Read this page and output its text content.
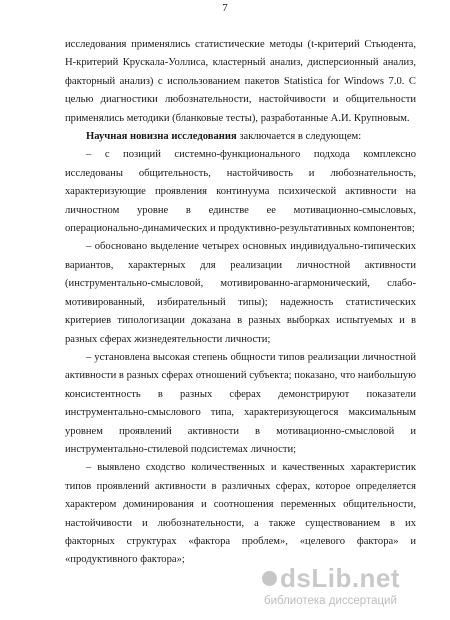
7

исследования применялись статистические методы (t-критерий Стьюдента, Н-критерий Крускала-Уоллиса, кластерный анализ, дисперсионный анализ, факторный анализ) с использованием пакетов Statistica for Windows 7.0. С целью диагностики любознательности, настойчивости и общительности применялись методики (бланковые тесты), разработанные А.И. Крупновым.

Научная новизна исследования заключается в следующем:

– с позиций системно-функционального подхода комплексно исследованы общительность, настойчивость и любознательность, характеризующие проявления континуума психической активности на личностном уровне в единстве ее мотивационно-смысловых, операционально-динамических и продуктивно-результативных компонентов;

– обосновано выделение четырех основных индивидуально-типических вариантов, характерных для реализации личностной активности (инструментально-смысловой, мотивированно-агармонический, слабо-мотивированный, избирательный типы); надежность статистических критериев типологизации доказана в разных выборках испытуемых и в разных сферах жизнедеятельности личности;

– установлена высокая степень общности типов реализации личностной активности в разных сферах отношений субъекта; показано, что наибольшую консистентность в разных сферах демонстрируют показатели инструментально-смыслового типа, характеризующегося максимальным уровнем проявлений активности в мотивационно-смысловой и инструментально-стилевой подсистемах личности;

– выявлено сходство количественных и качественных характеристик типов проявлений активности в различных сферах, которое определяется характером доминирования и соотношения переменных общительности, настойчивости и любознательности, а также существованием в их факторных структурах «фактора проблем», «целевого фактора» и «продуктивного фактора»;

dsLib.net
библиотека диссертаций
